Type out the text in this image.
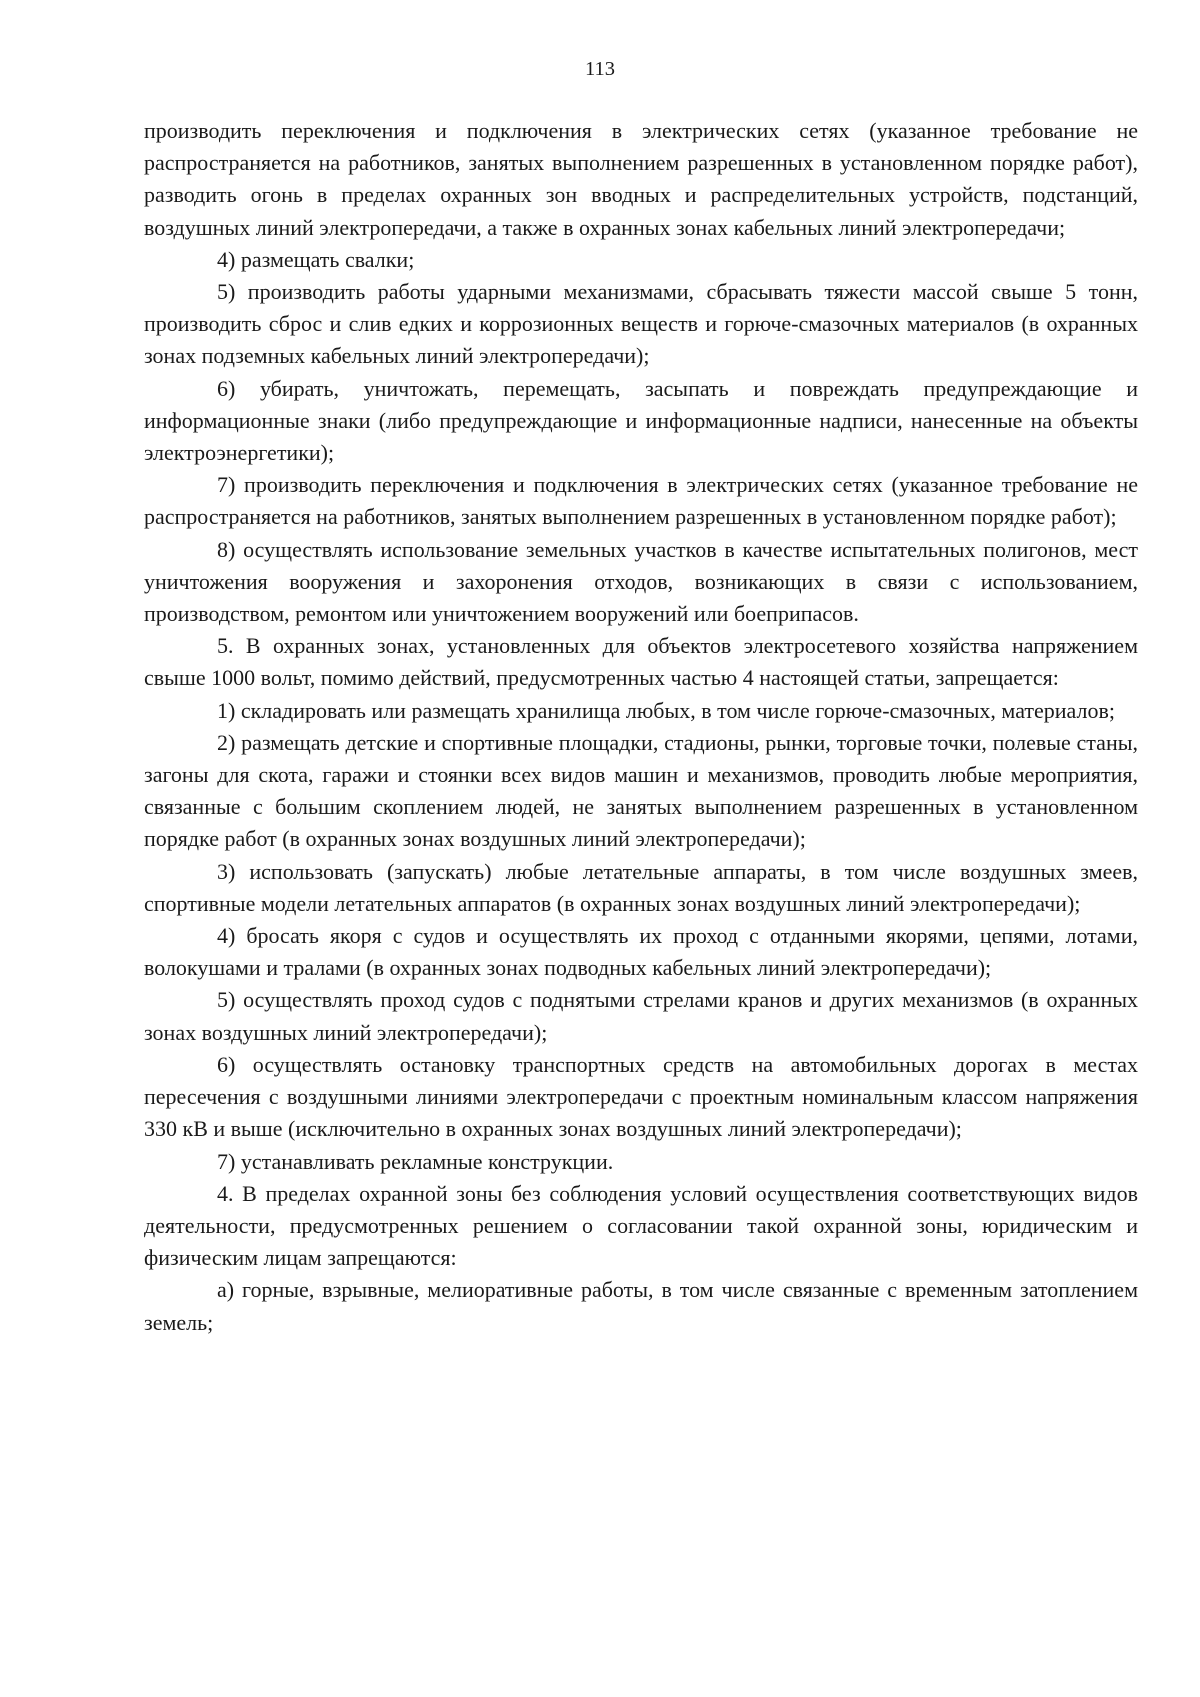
113

производить переключения и подключения в электрических сетях (указанное требование не распространяется на работников, занятых выполнением разрешенных в установленном порядке работ), разводить огонь в пределах охранных зон вводных и распределительных устройств, подстанций, воздушных линий электропередачи, а также в охранных зонах кабельных линий электропередачи;

4) размещать свалки;

5) производить работы ударными механизмами, сбрасывать тяжести массой свыше 5 тонн, производить сброс и слив едких и коррозионных веществ и горюче-смазочных материалов (в охранных зонах подземных кабельных линий электропередачи);

6) убирать, уничтожать, перемещать, засыпать и повреждать предупреждающие и информационные знаки (либо предупреждающие и информационные надписи, нанесенные на объекты электроэнергетики);

7) производить переключения и подключения в электрических сетях (указанное требование не распространяется на работников, занятых выполнением разрешенных в установленном порядке работ);

8) осуществлять использование земельных участков в качестве испытательных полигонов, мест уничтожения вооружения и захоронения отходов, возникающих в связи с использованием, производством, ремонтом или уничтожением вооружений или боеприпасов.

5. В охранных зонах, установленных для объектов электросетевого хозяйства напряжением свыше 1000 вольт, помимо действий, предусмотренных частью 4 настоящей статьи, запрещается:

1) складировать или размещать хранилища любых, в том числе горюче-смазочных, материалов;

2) размещать детские и спортивные площадки, стадионы, рынки, торговые точки, полевые станы, загоны для скота, гаражи и стоянки всех видов машин и механизмов, проводить любые мероприятия, связанные с большим скоплением людей, не занятых выполнением разрешенных в установленном порядке работ (в охранных зонах воздушных линий электропередачи);

3) использовать (запускать) любые летательные аппараты, в том числе воздушных змеев, спортивные модели летательных аппаратов (в охранных зонах воздушных линий электропередачи);

4) бросать якоря с судов и осуществлять их проход с отданными якорями, цепями, лотами, волокушами и тралами (в охранных зонах подводных кабельных линий электропередачи);

5) осуществлять проход судов с поднятыми стрелами кранов и других механизмов (в охранных зонах воздушных линий электропередачи);

6) осуществлять остановку транспортных средств на автомобильных дорогах в местах пересечения с воздушными линиями электропередачи с проектным номинальным классом напряжения 330 кВ и выше (исключительно в охранных зонах воздушных линий электропередачи);

7) устанавливать рекламные конструкции.

4. В пределах охранной зоны без соблюдения условий осуществления соответствующих видов деятельности, предусмотренных решением о согласовании такой охранной зоны, юридическим и физическим лицам запрещаются:

а) горные, взрывные, мелиоративные работы, в том числе связанные с временным затоплением земель;
